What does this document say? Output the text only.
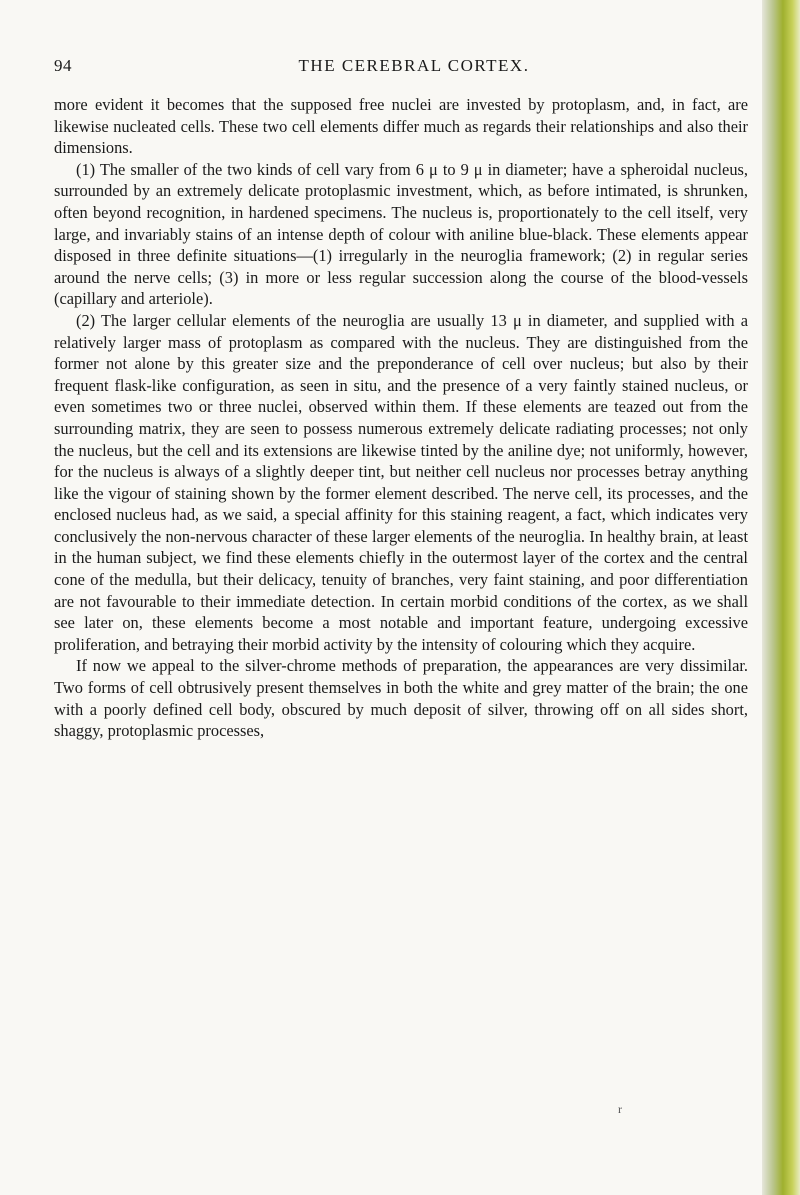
94	THE CEREBRAL CORTEX.

more evident it becomes that the supposed free nuclei are invested by protoplasm, and, in fact, are likewise nucleated cells. These two cell elements differ much as regards their relationships and also their dimensions.

(1) The smaller of the two kinds of cell vary from 6 μ to 9 μ in diameter; have a spheroidal nucleus, surrounded by an extremely delicate protoplasmic investment, which, as before intimated, is shrunken, often beyond recognition, in hardened specimens. The nucleus is, proportionately to the cell itself, very large, and invariably stains of an intense depth of colour with aniline blue-black. These elements appear disposed in three definite situations—(1) irregularly in the neuroglia framework; (2) in regular series around the nerve cells; (3) in more or less regular succession along the course of the blood-vessels (capillary and arteriole).

(2) The larger cellular elements of the neuroglia are usually 13 μ in diameter, and supplied with a relatively larger mass of protoplasm as compared with the nucleus. They are distinguished from the former not alone by this greater size and the preponderance of cell over nucleus; but also by their frequent flask-like configuration, as seen in situ, and the presence of a very faintly stained nucleus, or even sometimes two or three nuclei, observed within them. If these elements are teazed out from the surrounding matrix, they are seen to possess numerous extremely delicate radiating processes; not only the nucleus, but the cell and its extensions are likewise tinted by the aniline dye; not uniformly, however, for the nucleus is always of a slightly deeper tint, but neither cell nucleus nor processes betray anything like the vigour of staining shown by the former element described. The nerve cell, its processes, and the enclosed nucleus had, as we said, a special affinity for this staining reagent, a fact, which indicates very conclusively the non-nervous character of these larger elements of the neuroglia. In healthy brain, at least in the human subject, we find these elements chiefly in the outermost layer of the cortex and the central cone of the medulla, but their delicacy, tenuity of branches, very faint staining, and poor differentiation are not favourable to their immediate detection. In certain morbid conditions of the cortex, as we shall see later on, these elements become a most notable and important feature, undergoing excessive proliferation, and betraying their morbid activity by the intensity of colouring which they acquire.

If now we appeal to the silver-chrome methods of preparation, the appearances are very dissimilar. Two forms of cell obtrusively present themselves in both the white and grey matter of the brain; the one with a poorly defined cell body, obscured by much deposit of silver, throwing off on all sides short, shaggy, protoplasmic processes,

r
